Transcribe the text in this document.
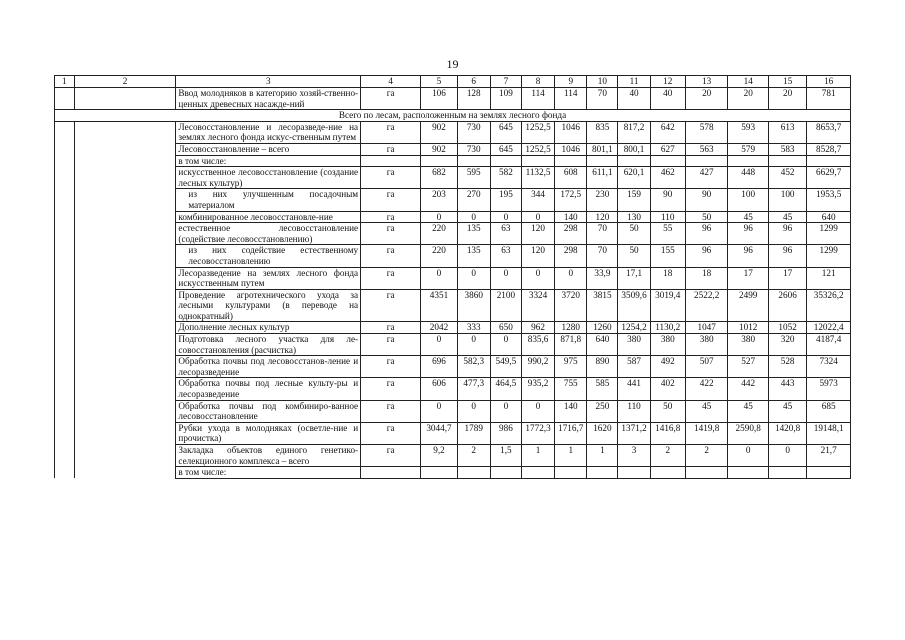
19
1	2	3	4	5	6	7	8	9	10	11	12	13	14	15	16
		Ввод молодняков в категорию хозяй-ственно-ценных древесных насажде-ний	га	106	128	109	114	114	70	40	40	20	20	20	781
Всего по лесам, расположенным на землях лесного фонда															
		Лесовосстановление и лесоразведе-ние на землях лесного фонда искус-ственным путем	га	902	730	645	1252,5	1046	835	817,2	642	578	593	613	8653,7
		Лесовосстановление – всего	га	902	730	645	1252,5	1046	801,1	800,1	627	563	579	583	8528,7
		в том числе:													
		искусственное лесовосстановление (создание лесных культур)	га	682	595	582	1132,5	608	611,1	620,1	462	427	448	452	6629,7
		из них улучшенным посадочным материалом	га	203	270	195	344	172,5	230	159	90	90	100	100	1953,5
		комбинированное лесовосстановле-ние	га	0	0	0	0	140	120	130	110	50	45	45	640
		естественное лесовосстановление (содействие лесовосстановлению)	га	220	135	63	120	298	70	50	55	96	96	96	1299
		из них содействие естественному лесовосстановлению	га	220	135	63	120	298	70	50	155	96	96	96	1299
		Лесоразведение на землях лесного фонда искусственным путем	га	0	0	0	0	0	33,9	17,1	18	18	17	17	121
		Проведение агротехнического ухода за лесными культурами (в переводе на однократный)	га	4351	3860	2100	3324	3720	3815	3509,6	3019,4	2522,2	2499	2606	35326,2
		Дополнение лесных культур	га	2042	333	650	962	1280	1260	1254,2	1130,2	1047	1012	1052	12022,4
		Подготовка лесного участка для ле-совосстановления (расчистка)	га	0	0	0	835,6	871,8	640	380	380	380	380	320	4187,4
		Обработка почвы под лесовосстанов-ление и лесоразведение	га	696	582,3	549,5	990,2	975	890	587	492	507	527	528	7324
		Обработка почвы под лесные культу-ры и лесоразведение	га	606	477,3	464,5	935,2	755	585	441	402	422	442	443	5973
		Обработка почвы под комбиниро-ванное лесовосстановление	га	0	0	0	0	140	250	110	50	45	45	45	685
		Рубки ухода в молодняках (осветле-ние и прочистка)	га	3044,7	1789	986	1772,3	1716,7	1620	1371,2	1416,8	1419,8	2590,8	1420,8	19148,1
		Закладка объектов единого генетико-селекционного комплекса – всего	га	9,2	2	1,5	1	1	1	3	2	2	0	0	21,7
		в том числе:													
